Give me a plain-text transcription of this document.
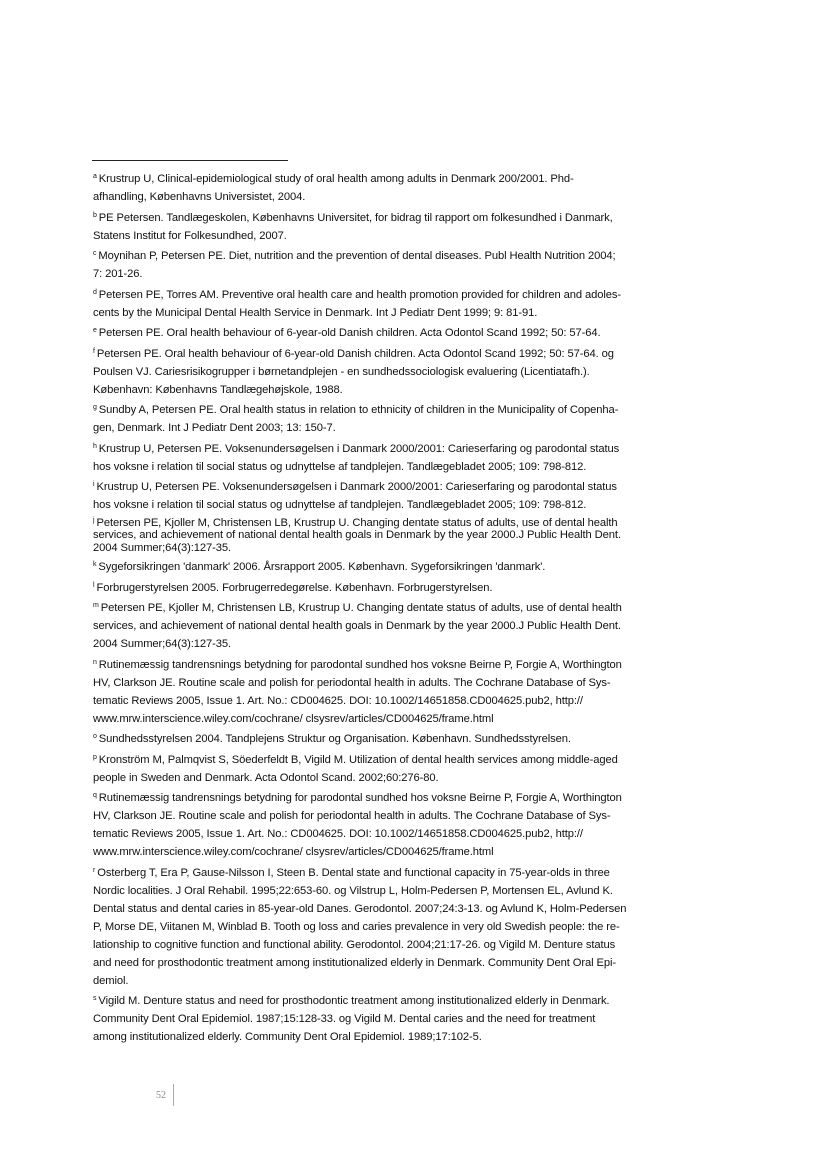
$^a$ Krustrup U, Clinical-epidemiological study of oral health among adults in Denmark 200/2001. Phd-
afhandling, Københavns Universistet, 2004.

$^b$ PE Petersen. Tandlægeskolen, Københavns Universitet, for bidrag til rapport om folkesundhed i Danmark,
Statens Institut for Folkesundhed, 2007.

$^c$ Moynihan P, Petersen PE. Diet, nutrition and the prevention of dental diseases. Publ Health Nutrition 2004;
7: 201-26.

$^d$ Petersen PE, Torres AM. Preventive oral health care and health promotion provided for children and adoles-
cents by the Municipal Dental Health Service in Denmark. Int J Pediatr Dent 1999; 9: 81-91.

$^e$ Petersen PE. Oral health behaviour of 6-year-old Danish children. Acta Odontol Scand 1992; 50: 57-64.

$^f$ Petersen PE. Oral health behaviour of 6-year-old Danish children. Acta Odontol Scand 1992; 50: 57-64. og
Poulsen VJ. Cariesrisikogrupper i børnetandplejen - en sundhedssociologisk evaluering (Licentiatafh.).
København: Københavns Tandlægehøjskole, 1988.

$^g$ Sundby A, Petersen PE. Oral health status in relation to ethnicity of children in the Municipality of Copenha-
gen, Denmark. Int J Pediatr Dent 2003; 13: 150-7.

$^h$ Krustrup U, Petersen PE. Voksenundersøgelsen i Danmark 2000/2001: Carieserfaring og parodontal status
hos voksne i relation til social status og udnyttelse af tandplejen. Tandlægebladet 2005; 109: 798-812.

$^i$ Krustrup U, Petersen PE. Voksenundersøgelsen i Danmark 2000/2001: Carieserfaring og parodontal status
hos voksne i relation til social status og udnyttelse af tandplejen. Tandlægebladet 2005; 109: 798-812.

$^j$ Petersen PE, Kjoller M, Christensen LB, Krustrup U. Changing dentate status of adults, use of dental health
services, and achievement of national dental health goals in Denmark by the year 2000.J Public Health Dent.
2004 Summer;64(3):127-35.

$^k$ Sygeforsikringen 'danmark' 2006. Årsrapport 2005. København. Sygeforsikringen 'danmark'.

$^l$ Forbrugerstyrelsen 2005. Forbrugerredegørelse. København. Forbrugerstyrelsen.

$^m$ Petersen PE, Kjoller M, Christensen LB, Krustrup U. Changing dentate status of adults, use of dental health
services, and achievement of national dental health goals in Denmark by the year 2000.J Public Health Dent.
2004 Summer;64(3):127-35.

$^n$ Rutinemæssig tandrensnings betydning for parodontal sundhed hos voksne Beirne P, Forgie A, Worthington
HV, Clarkson JE. Routine scale and polish for periodontal health in adults. The Cochrane Database of Sys-
tematic Reviews 2005, Issue 1. Art. No.: CD004625. DOI: 10.1002/14651858.CD004625.pub2, http://
www.mrw.interscience.wiley.com/cochrane/ clsysrev/articles/CD004625/frame.html

$^o$ Sundhedsstyrelsen 2004. Tandplejens Struktur og Organisation. København. Sundhedsstyrelsen.

$^p$ Kronström M, Palmqvist S, Söederfeldt B, Vigild M. Utilization of dental health services among middle-aged
people in Sweden and Denmark. Acta Odontol Scand. 2002;60:276-80.

$^q$ Rutinemæssig tandrensnings betydning for parodontal sundhed hos voksne Beirne P, Forgie A, Worthington
HV, Clarkson JE. Routine scale and polish for periodontal health in adults. The Cochrane Database of Sys-
tematic Reviews 2005, Issue 1. Art. No.: CD004625. DOI: 10.1002/14651858.CD004625.pub2, http://
www.mrw.interscience.wiley.com/cochrane/ clsysrev/articles/CD004625/frame.html

$^r$ Osterberg T, Era P, Gause-Nilsson I, Steen B. Dental state and functional capacity in 75-year-olds in three
Nordic localities. J Oral Rehabil. 1995;22:653-60. og Vilstrup L, Holm-Pedersen P, Mortensen EL, Avlund K.
Dental status and dental caries in 85-year-old Danes. Gerodontol. 2007;24:3-13. og Avlund K, Holm-Pedersen
P, Morse DE, Viitanen M, Winblad B. Tooth og loss and caries prevalence in very old Swedish people: the re-
lationship to cognitive function and functional ability. Gerodontol. 2004;21:17-26. og Vigild M. Denture status
and need for prosthodontic treatment among institutionalized elderly in Denmark. Community Dent Oral Epi-
demiol.

$^s$ Vigild M. Denture status and need for prosthodontic treatment among institutionalized elderly in Denmark.
Community Dent Oral Epidemiol. 1987;15:128-33. og Vigild M. Dental caries and the need for treatment
among institutionalized elderly. Community Dent Oral Epidemiol. 1989;17:102-5.

52
